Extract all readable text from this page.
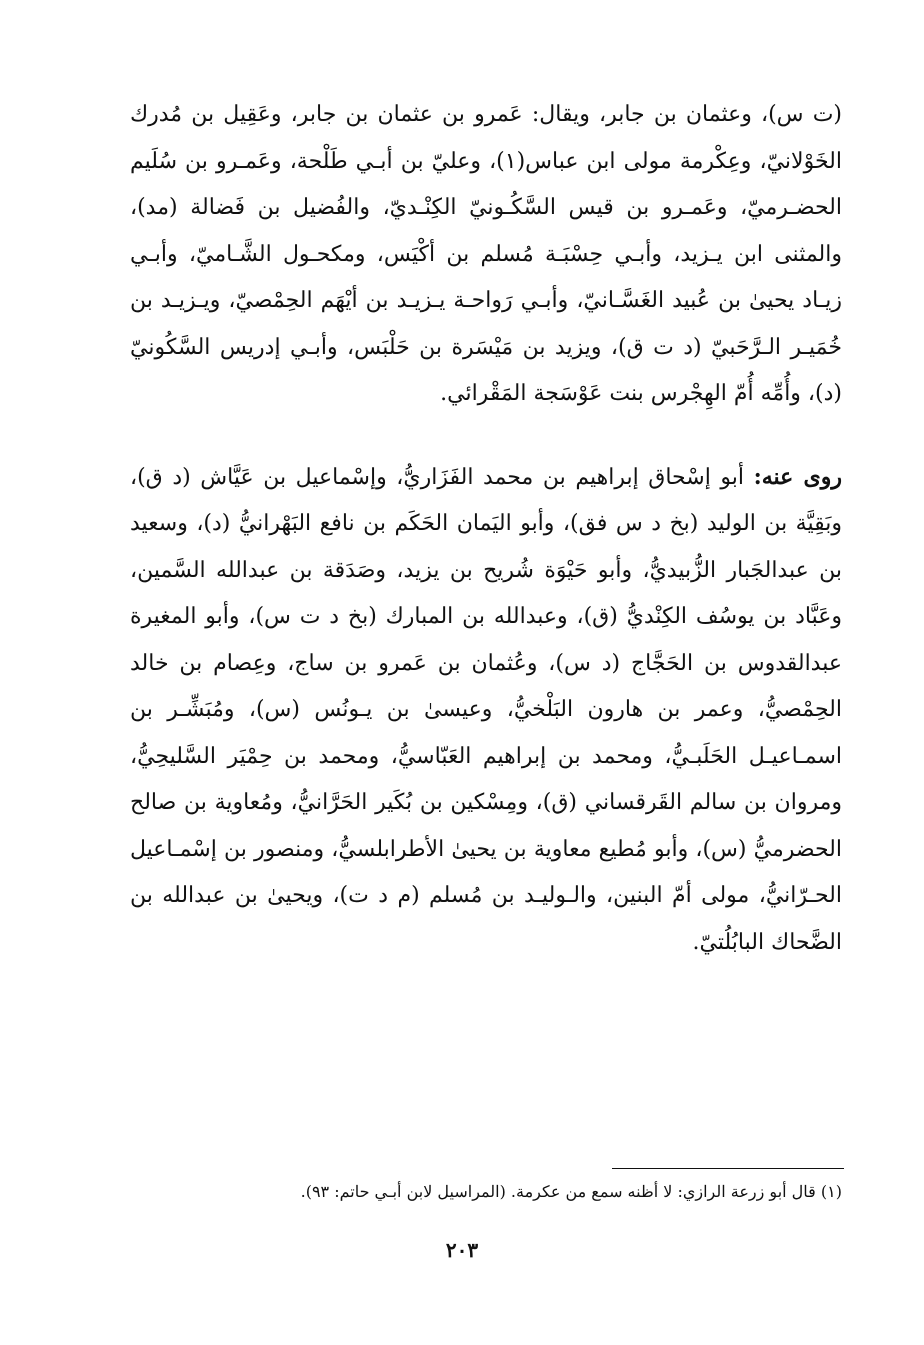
(ت س)، وعثمان بن جابر، ويقال: عَمرو بن عثمان بن جابر، وعَقِيل بن مُدرك الخَوْلانيّ، وعِكْرمة مولى ابن عباس(١)، وعليّ بن أبـي طَلْحة، وعَمـرو بن سُلَيم الحضـرميّ، وعَمـرو بن قيس السَّكُـونيّ الكِنْـديّ، والفُضيل بن فَضالة (مد)، والمثنى ابن يـزيد، وأبـي حِسْبَـة مُسلم بن أكْيَس، ومكحـول الشَّـاميّ، وأبـي زيـاد يحيىٰ بن عُبيد الغَسَّـانيّ، وأبـي رَواحـة يـزيـد بن أيْهَم الحِمْصيّ، ويـزيـد بن خُمَيـر الـرَّحَبيّ (د ت ق)، ويزيد بن مَيْسَرة بن حَلْبَس، وأبـي إدريس السَّكُونيّ (د)، وأُمِّه أُمّ الهِجْرس بنت عَوْسَجة المَقْرائي.

روى عنه: أبو إسْحاق إبراهيم بن محمد الفَزَاريُّ، وإسْماعيل بن عَيَّاش (د ق)، وبَقِيَّة بن الوليد (بخ د س فق)، وأبو اليَمان الحَكَم بن نافع البَهْرانيُّ (د)، وسعيد بن عبدالجَبار الزُّبيديُّ، وأبو حَيْوَة شُريح بن يزيد، وصَدَقة بن عبدالله السَّمين، وعَبَّاد بن يوسُف الكِنْديُّ (ق)، وعبدالله بن المبارك (بخ د ت س)، وأبو المغيرة عبدالقدوس بن الحَجَّاج (د س)، وعُثمان بن عَمرو بن ساج، وعِصام بن خالد الحِمْصيُّ، وعمر بن هارون البَلْخيُّ، وعيسىٰ بن يـونُس (س)، ومُبَشِّـر بن اسمـاعيـل الحَلَبـيُّ، ومحمد بن إبراهيم العَبّاسيُّ، ومحمد بن حِمْيَر السَّليحِيُّ، ومروان بن سالم القَرقساني (ق)، ومِسْكين بن بُكَير الحَرَّانيُّ، ومُعاوية بن صالح الحضرميُّ (س)، وأبو مُطيع معاوية بن يحيىٰ الأطرابلسيُّ، ومنصور بن إسْمـاعيل الحـرّانيُّ، مولى أمّ البنين، والـوليـد بن مُسلم (م د ت)، ويحيىٰ بن عبدالله بن الضَّحاك البابُلُتيّ.

(١) قال أبو زرعة الرازي: لا أظنه سمع من عكرمة. (المراسيل لابن أبـي حاتم: ٩٣).

٢٠٣
